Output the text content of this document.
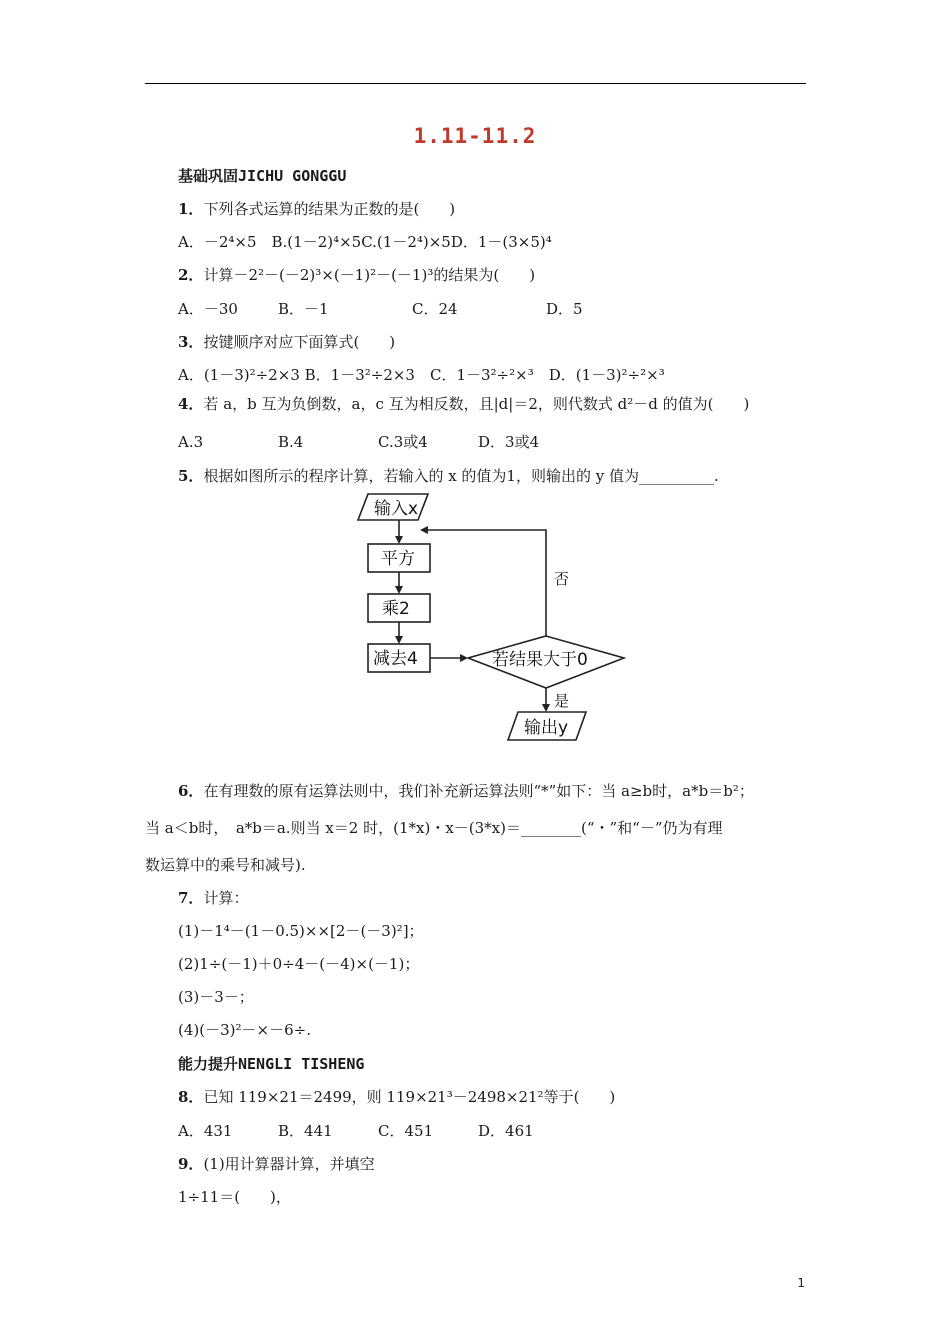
1.11-11.2
基础巩固JICHU GONGGU
1．下列各式运算的结果为正数的是(　　)
A．－2⁴×5　B.(1－2)⁴×5C.(1－2⁴)×5D．1－(3×5)⁴
2．计算－2²－(－2)³×(－1)²－(－1)³的结果为(　　)
A．－30	B．－1	C．24	D．5
3．按键顺序对应下面算式(　　)
A．(1－3)²÷2×3 B．1－3²÷2×3　C．1－3²÷²×³　D．(1－3)²÷²×³
4．若 a，b 互为负倒数，a，c 互为相反数，且|d|＝2，则代数式 d²－d 的值为(　　)
A.3	B.4	C.3或4	D．3或4
5．根据如图所示的程序计算，若输入的 x 的值为1，则输出的 y 值为__________.
输入x
平方
乘2
减去4	若结果大于0
输出y
否
是
6．在有理数的原有运算法则中，我们补充新运算法则“*”如下：当 a≥b时，a*b＝b²；
当 a＜b时，　a*b＝a.则当 x＝2 时，(1*x)・x－(3*x)＝________(“・”和“－”仍为有理
数运算中的乘号和减号).
7．计算：
(1)－1⁴－(1－0.5)××[2－(－3)²]；
(2)1÷(－1)＋0÷4－(－4)×(－1)；
(3)－3－；
(4)(－3)²－×－6÷.
能力提升NENGLI TISHENG
8．已知 119×21＝2499，则 119×21³－2498×21²等于(　　)
A．431	B．441	C．451	D．461
9．(1)用计算器计算，并填空
1÷11＝(　　)，
1
